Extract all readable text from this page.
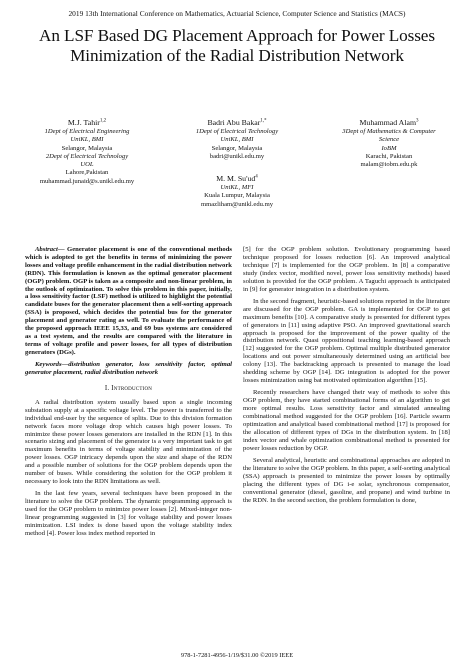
2019 13th International Conference on Mathematics, Actuarial Science, Computer Science and Statistics (MACS)
An LSF Based DG Placement Approach for Power Losses Minimization of the Radial Distribution Network
M.J. Tahir$^{1,2}$
1Dept of Electrical Engineering
UniKL, BMI
Selangor, Malaysia
2Dept of Electrical Technology
UOL
Lahore,Pakistan
muhammad.junaid@s.unikl.edu.my
Badri Abu Bakar$^{1,*}$
1Dept of Electrical Technology
UniKL, BMI
Selangor, Malaysia
badri@unikl.edu.my
Muhammad Alam$^3$
3Dept of Mathematics & Computer
Science
IoBM
Karachi, Pakistan
malam@iobm.edu.pk
M. M. $Su'ud^4$
UniKL, MFI
Kuala Lumpur, Malaysia
mmazliham@unikl.edu.my

Abstract— Generator placement is one of the conventional methods which is adopted to get the benefits in terms of minimizing the power losses and voltage profile enhancement in the radial distribution network (RDN). This formulation is known as the optimal generator placement (OGP) problem. OGP is taken as a composite and non-linear problem, in the outlook of optimization. To solve this problem in this paper, initially, a loss sensitivity factor (LSF) method is utilized to highlight the potential candidate buses for the generator placement then a self-sorting approach (SSA) is proposed, which decides the potential bus for the generator placement and generator rating as well. To evaluate the performance of the proposed approach IEEE 15,33, and 69 bus systems are considered as a test system, and the results are compared with the literature in terms of voltage profile and power losses, for all types of distribution generators (DGs).

Keywords—distribution generator, loss sensitivity factor, optimal generator placement, radial distribution network

I. Introduction

A radial distribution system usually based upon a single incoming substation supply at a specific voltage level. The power is transferred to the individual end-user by the sequence of splits. Due to this division formation network faces more voltage drop which causes high power losses. To minimize these power losses generators are installed in the RDN [1]. In this scenario sizing and placement of the generator is a very important task to get maximum benefits in terms of voltage stability and minimization of the power losses. OGP intricacy depends upon the size and shape of the RDN and a possible number of solutions for the OGP problem depends upon the number of buses. While considering the solution for the OGP problem it necessary to look into the RDN limitations as well.

In the last few years, several techniques have been proposed in the literature to solve the OGP problem. The dynamic programming approach is used for the OGP problem to minimize power losses [2]. Mixed-integer non-linear programming suggested in [3] for voltage stability and power losses minimization. LSI index is done based upon the voltage stability index method [4]. Power loss index method reported in

[5] for the OGP problem solution. Evolutionary programming based technique proposed for losses reduction [6]. An improved analytical technique [7] is implemented for the OGP problem. In [8] a comparative study (index vector, modified novel, power loss sensitivity methods) based solution is provided for the OGP problem. A Taguchi approach is anticipated in [9] for generator integration in a distribution system.

In the second fragment, heuristic-based solutions reported in the literature are discussed for the OGP problem. GA is implemented for OGP to get maximum benefits [10]. A comparative study is presented for different types of generators in [11] using adaptive PSO. An improved gravitational search approach is proposed for the improvement of the power quality of the distribution network. Quasi oppositional teaching learning-based approach [12] suggested for the OGP problem. Optimal multiple distributed generator locations and out power simultaneously determined using an artificial bee colony [13]. The backtracking approach is presented to manage the load shedding scheme by OGP [14]. DG integration is adopted for the power losses minimization using bat motivated optimization algorithm [15].

Recently researchers have changed their way of methods to solve this OGP problem, they have started combinational forms of an algorithm to get more optimal results. Loss sensitivity factor and simulated annealing combinational method suggested for the OGP problem [16]. Particle swarm optimization and analytical based combinational method [17] is proposed for the allocation of different types of DGs in the distribution system. In [18] index vector and whale optimization combinational method is presented for power losses reduction by OGP.

Several analytical, heuristic and combinational approaches are adopted in the literature to solve the OGP problem. In this paper, a self-sorting analytical (SSA) approach is presented to minimize the power losses by optimally placing the different types of DG i-e solar, synchronous compensator, conventional generator (diesel, gasoline, and propane) and wind turbine in the RDN. In the second section, the problem formulation is done,

978-1-7281-4956-1/19/$31.00 ©2019 IEEE
